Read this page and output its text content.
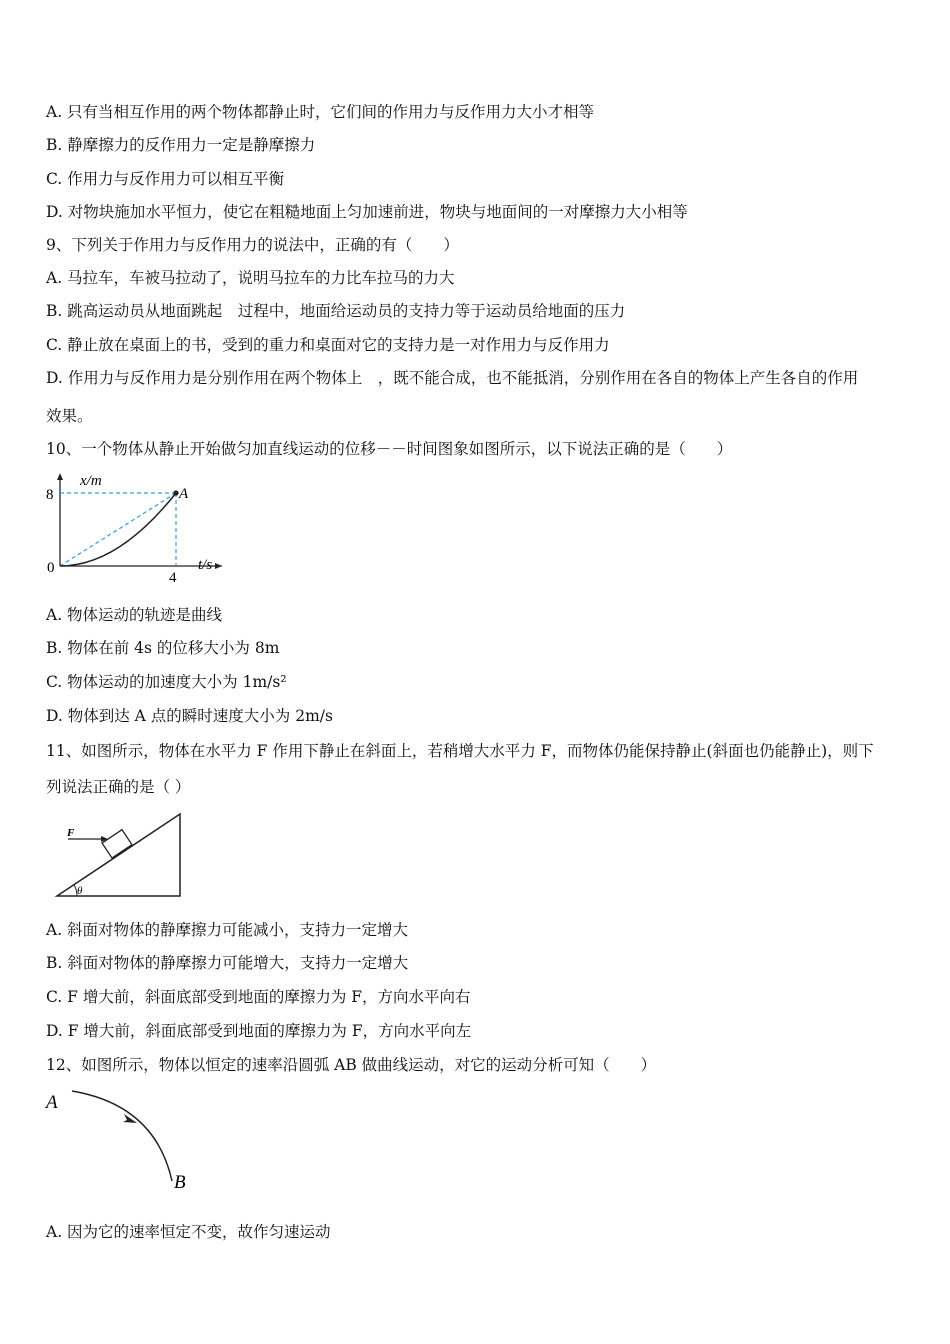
A. 只有当相互作用的两个物体都静止时，它们间的作用力与反作用力大小才相等
B. 静摩擦力的反作用力一定是静摩擦力
C. 作用力与反作用力可以相互平衡
D. 对物块施加水平恒力，使它在粗糙地面上匀加速前进，物块与地面间的一对摩擦力大小相等
9、下列关于作用力与反作用力的说法中，正确的有（　　）
A. 马拉车，车被马拉动了，说明马拉车的力比车拉马的力大
B. 跳高运动员从地面跳起　过程中，地面给运动员的支持力等于运动员给地面的压力
C. 静止放在桌面上的书，受到的重力和桌面对它的支持力是一对作用力与反作用力
D. 作用力与反作用力是分别作用在两个物体上　，既不能合成，也不能抵消，分别作用在各自的物体上产生各自的作用
效果。
10、一个物体从静止开始做匀加直线运动的位移－－时间图象如图所示，以下说法正确的是（　　）
x/m
t/s
0
8
4
A
A. 物体运动的轨迹是曲线
B. 物体在前 4s 的位移大小为 8m
C. 物体运动的加速度大小为 1m/s²
D. 物体到达 A 点的瞬时速度大小为 2m/s
11、如图所示，物体在水平力 F 作用下静止在斜面上，若稍增大水平力 F，而物体仍能保持静止(斜面也仍能静止)，则下
列说法正确的是（ ）
F
θ
A. 斜面对物体的静摩擦力可能减小，支持力一定增大
B. 斜面对物体的静摩擦力可能增大，支持力一定增大
C. F 增大前，斜面底部受到地面的摩擦力为 F，方向水平向右
D. F 增大前，斜面底部受到地面的摩擦力为 F，方向水平向左
12、如图所示，物体以恒定的速率沿圆弧 AB 做曲线运动，对它的运动分析可知（　　）
A
B
A. 因为它的速率恒定不变，故作匀速运动
